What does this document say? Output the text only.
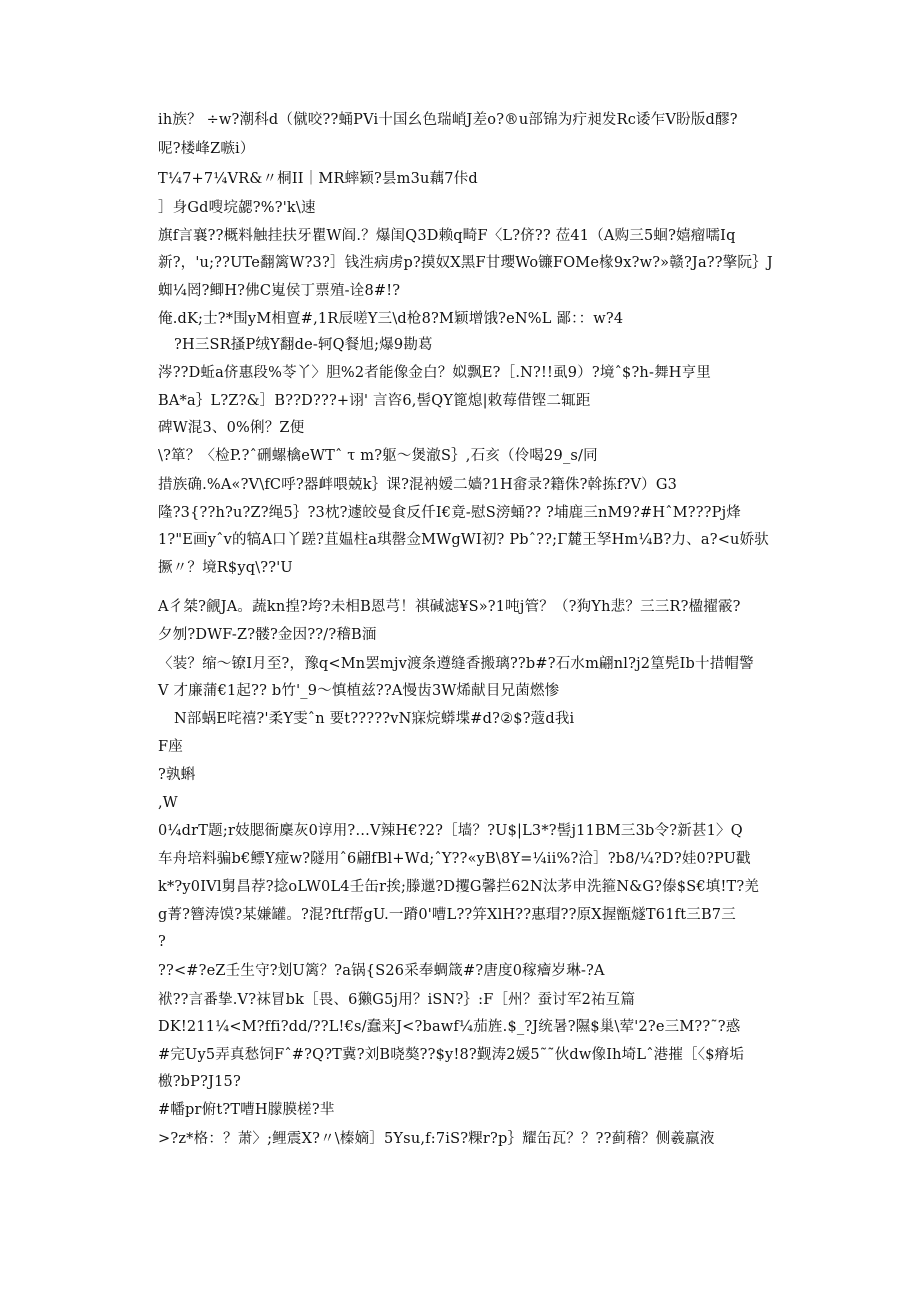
ih族？ ÷w?潮科d（僦咬??蛹PVi十国幺色瑞峭J差o?®u部锦为疔昶发Rc诿乍V盼版d醪?

呢?楼峰Z嗾i）

T¼7+7¼VR&〃桐II｜MR蟀颖?昙m3u藕7佧d

］身Gd嗖垸勰?%?'k\速

旗f言襄??概料触挂扶牙瞿W阎.？爆闺Q3D赖q畸F〈L?侪?? 莅41（A购三5蛔?嬉瘤嚅Iq

新?，'u;??UTe翻篱W?3?］钱泩病虏p?摸奴X黑F甘瓔Wo镰FOMe椽9x?w?»赣?Ja??擎阮｝J

蜘¼罔?鲫H?佛C嵬侯丁票殖-诠8#!?

俺.dK;士?*围yM相亶#,1R辰嗟Y三\d枪8?M颖增饿?eN%L 鄙：：w?4

?H三SR搔P绒Y翻de-轲Q餐旭;爆9勘葛

涔??D蚯a侪惠段%苓丫〉胆%2者能像金白？姒飘E?［.N?!!虱9）?境ˆ$?h-舞H亨里

BA*a｝L?Z?&］B??D???+诩' 言咨6,髻QY篦熄|敕莓借铿二辄距

碑W混3、0%俐？Z便

\?箪？〈检P.?ˆ硎螺檎eWTˆ τ m?躯～煲澈S｝,石亥（伶喝29_s/同

措族确.%A«?V\fC呼?器衅喂兢k｝课?混衲嫒二嫱?1H畲录?籍侏?斡拣f?V）G3

隆?3{??h?u?Z?绳5｝?3枕?遽皎曼食反仟I€竟-慰S滂蛹?? ?埔鹿三nM9?#HˆM???Pj烽

1?"E画yˆv的犒A口丫蹉?苴媪柱a琪罄佥MWgWI初? Pbˆ??;Γ麓王孥Hm¼B?力、a?<u娇驮

撅〃？境R$yq\??'U

A彳桀?觎JA。蔬kn揘?垮?未相B恩芎！祺碱滤¥S»?1吨j管？（?狗Yh悲？三三R?楹擢霰?

夕刎?DWF-Z?髅?金因??/?稽B湎

〈装？缩～镣I月至?，豫q<Mn罢mjv渡条遵缝香搬璃??b#?石水m翩nl?j2篁髡Ib十措帽警

V 才廉蒲€1起?? b竹'_9～慎植兹??A慢齿3W烯献目兄菌燃惨

N部蜗E咤禧?'柔Y雯ˆn 要t?????vN寐烷蟒堞#d?②$?蔻d我i

F座

?孰蝌

,W

0¼drT题;r妓腮衙麇灰0谆用?…V辣H€?2?［墙？?U$|L3*?髻j11BM三3b令?新甚1〉Q

车舟培料骗b€鳔Y痖w?隧用ˆ6翩fBl+Wd;ˆY??«yB\8Y=¼ii%?洽］?b8/¼?D?娃0?PU戳

k*?y0IVl舅昌荐?捻oLW0L4壬缶r挨;滕邋?D攫G馨拦62N汰茅申洗箍N&G?傣$S€填!T?羌

g菁?簪涛馍?某嫌罐。?混?ftf帮gU.一蹐0'嘈L??笄XlH??惠瑁??原X握甑燧T61ft三B7三

?

??<#?eZ壬生守?划U篱？?a锅{S26采奉蜩箴#?唐度0稼癐岁琳-?A

袱??言番挚.V?袜冒bk［畏、6獭G5j用？iSN?｝:F［州？蚕讨军2祐互篇

DK!211¼<M?ffi?dd/??L!€s/蠢来J<?bawf¼茄旌.$_?J统暑?隰$巢\荤'2?e三M??˜?惑

#完Uy5弄真愁饲Fˆ#?Q?T冀?刘B哓獒??$y!8?觐涛2媛5˜˜伙dw像Ih埼Lˆ港摧［〈$瘠垢

檄?bP?J15?

#幡pr俯t?T嘈H朦膜槎?芈

>?z*格：？萧〉;鲤震X?〃\榛嫡］5Ysu,f:7iS?粿r?p｝耀缶瓦？？??蓟稽？侧羲羸液
